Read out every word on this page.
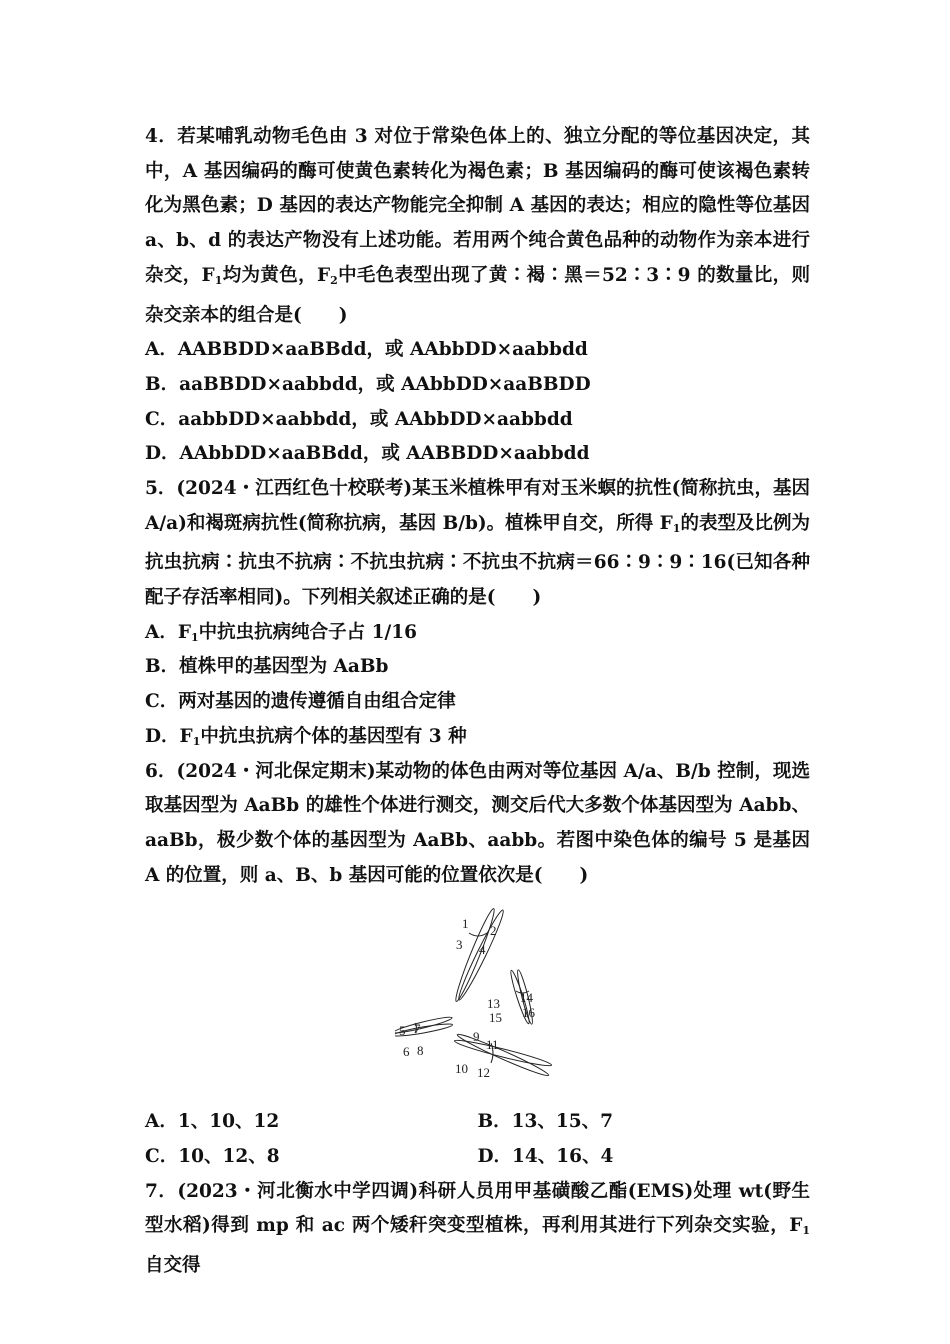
4．若某哺乳动物毛色由 3 对位于常染色体上的、独立分配的等位基因决定，其中，A 基因编码的酶可使黄色素转化为褐色素；B 基因编码的酶可使该褐色素转化为黑色素；D 基因的表达产物能完全抑制 A 基因的表达；相应的隐性等位基因 a、b、d 的表达产物没有上述功能。若用两个纯合黄色品种的动物作为亲本进行杂交，$F_1$均为黄色，$F_2$中毛色表型出现了黄∶褐∶黑＝52∶3∶9 的数量比，则杂交亲本的组合是(　　)

A．AABBDD×aaBBdd，或 AAbbDD×aabbdd

B．aaBBDD×aabbdd，或 AAbbDD×aaBBDD

C．aabbDD×aabbdd，或 AAbbDD×aabbdd

D．AAbbDD×aaBBdd，或 AABBDD×aabbdd

5．(2024・江西红色十校联考)某玉米植株甲有对玉米螟的抗性(简称抗虫，基因 A/a)和褐斑病抗性(简称抗病，基因 B/b)。植株甲自交，所得 $F_1$的表型及比例为抗虫抗病∶抗虫不抗病∶不抗虫抗病∶不抗虫不抗病＝66∶9∶9∶16(已知各种配子存活率相同)。下列相关叙述正确的是(　　)

A．$F_1$中抗虫抗病纯合子占 1/16

B．植株甲的基因型为 AaBb

C．两对基因的遗传遵循自由组合定律

D．$F_1$中抗虫抗病个体的基因型有 3 种

6．(2024・河北保定期末)某动物的体色由两对等位基因 A/a、B/b 控制，现选取基因型为 AaBb 的雄性个体进行测交，测交后代大多数个体基因型为 Aabb、aaBb，极少数个体的基因型为 AaBb、aabb。若图中染色体的编号 5 是基因 A 的位置，则 a、B、b 基因可能的位置依次是(　　)

1 2
3 4
5
6
7
8
9
10
11
12
13 14
15 16

A．1、10、12	B．13、15、7

C．10、12、8	D．14、16、4

7．(2023・河北衡水中学四调)科研人员用甲基磺酸乙酯(EMS)处理 wt(野生型水稻)得到 mp 和 ac 两个矮秆突变型植株，再利用其进行下列杂交实验，$F_1$自交得
